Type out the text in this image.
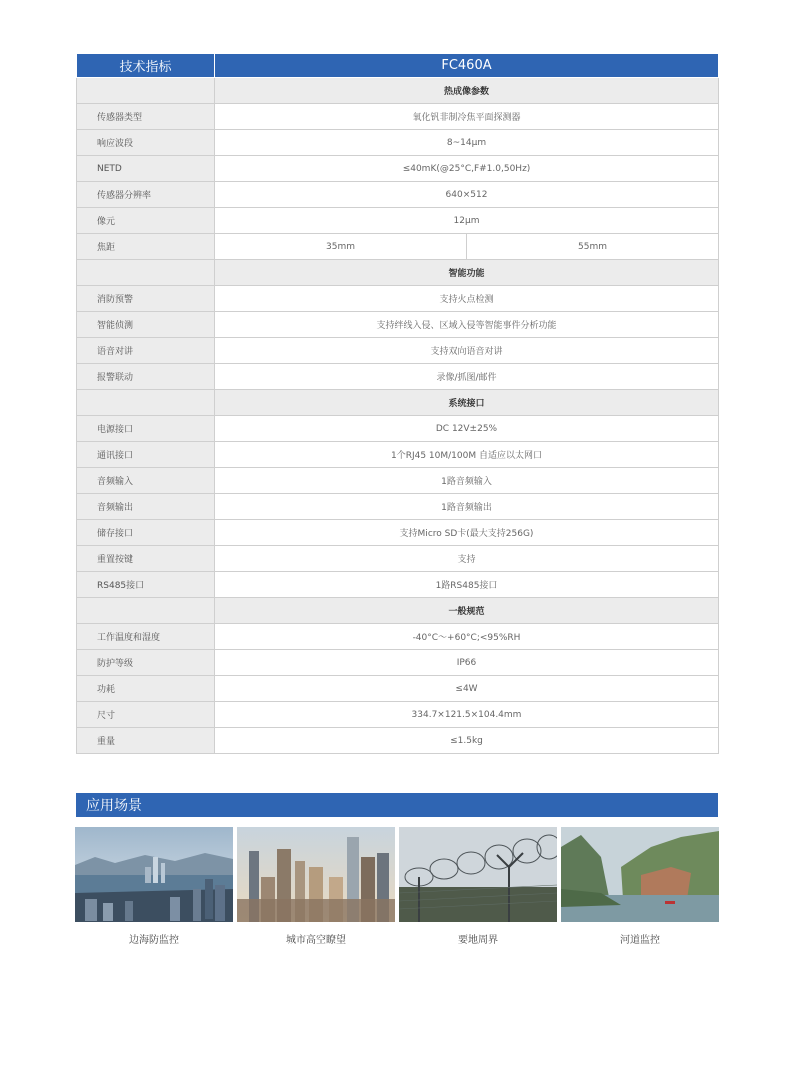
技术指标	FC460A
	热成像参数
传感器类型	氧化钒非制冷焦平面探测器
响应波段	8~14μm
NETD	≤40mK(@25°C,F#1.0,50Hz)
传感器分辨率	640×512
像元	12μm
焦距	35mm 55mm

	智能功能
消防预警	支持火点检测
智能侦测	支持绊线入侵、区域入侵等智能事件分析功能
语音对讲	支持双向语音对讲
报警联动	录像/抓图/邮件
	系统接口
电源接口	DC 12V±25%
通讯接口	1个RJ45 10M/100M 自适应以太网口
音频输入	1路音频输入
音频输出	1路音频输出
储存接口	支持Micro SD卡(最大支持256G)
重置按键	支持
RS485接口	1路RS485接口
	一般规范
工作温度和湿度	-40°C～+60°C;<95%RH
防护等级	IP66
功耗	≤4W
尺寸	334.7×121.5×104.4mm
重量	≤1.5kg
应用场景
边海防监控	城市高空瞭望	要地周界	河道监控
